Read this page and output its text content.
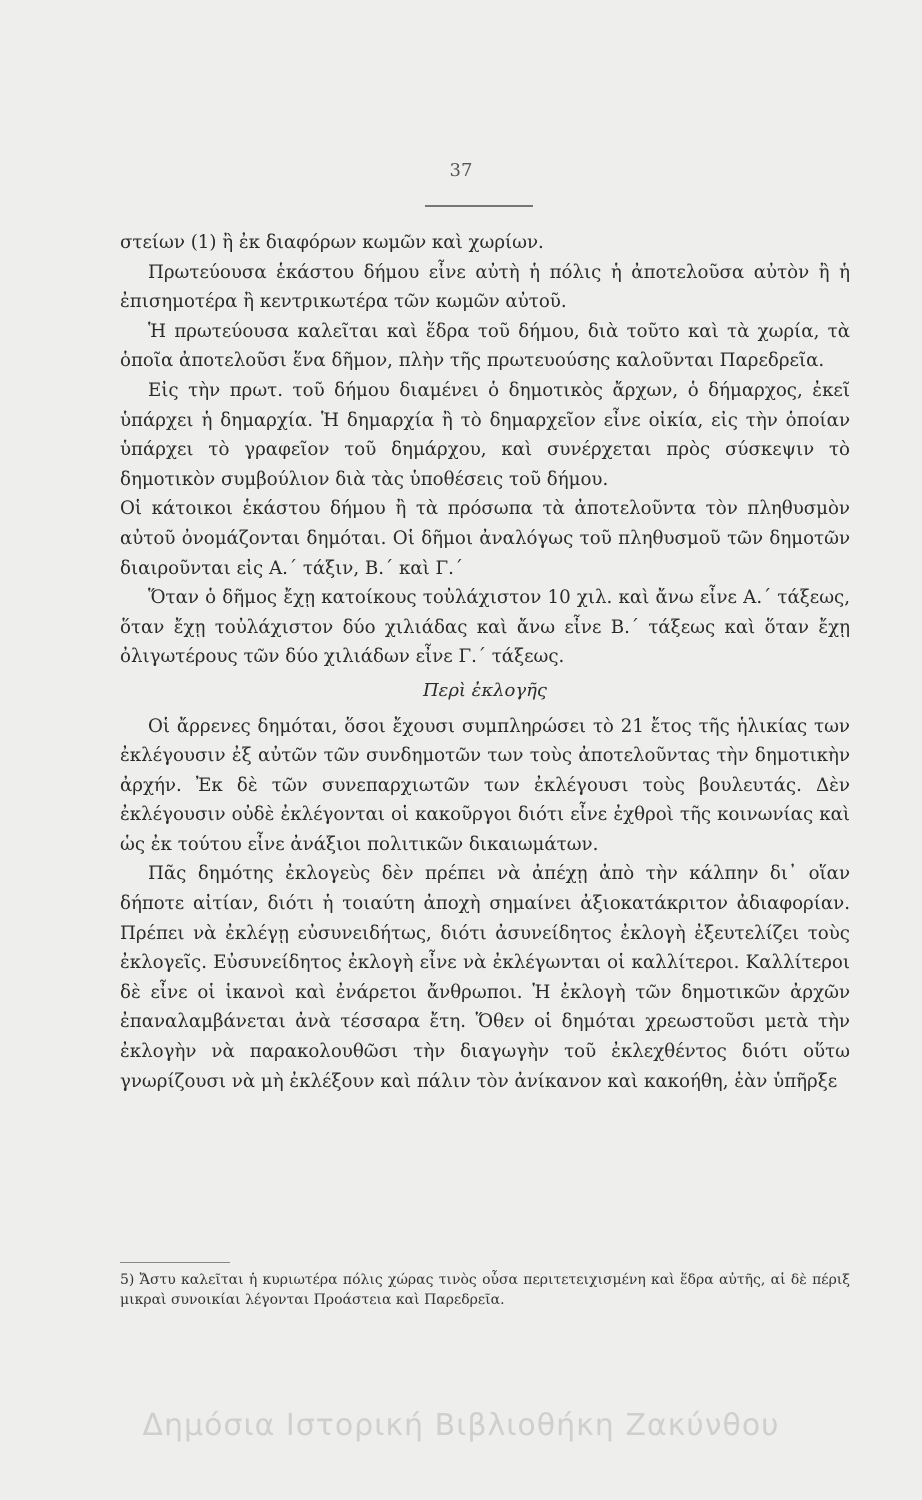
37

στείων (1) ἢ ἐκ διαφόρων κωμῶν καὶ χωρίων.

Πρωτεύουσα ἑκάστου δήμου εἶνε αὐτὴ ἡ πόλις ἡ ἀποτελοῦσα αὐτὸν ἢ ἡ ἐπισημοτέρα ἢ κεντρικωτέρα τῶν κωμῶν αὐτοῦ.

Ἡ πρωτεύουσα καλεῖται καὶ ἕδρα τοῦ δήμου, διὰ τοῦτο καὶ τὰ χωρία, τὰ ὁποῖα ἀποτελοῦσι ἕνα δῆμον, πλὴν τῆς πρωτευούσης καλοῦνται Παρεδρεῖα.

Εἰς τὴν πρωτ. τοῦ δήμου διαμένει ὁ δημοτικὸς ἄρχων, ὁ δήμαρχος, ἐκεῖ ὑπάρχει ἡ δημαρχία. Ἡ δημαρχία ἢ τὸ δημαρχεῖον εἶνε οἰκία, εἰς τὴν ὁποίαν ὑπάρχει τὸ γραφεῖον τοῦ δημάρχου, καὶ συνέρχεται πρὸς σύσκεψιν τὸ δημοτικὸν συμβούλιον διὰ τὰς ὑποθέσεις τοῦ δήμου.

Οἱ κάτοικοι ἑκάστου δήμου ἢ τὰ πρόσωπα τὰ ἀποτελοῦντα τὸν πληθυσμὸν αὐτοῦ ὀνομάζονται δημόται. Οἱ δῆμοι ἀναλόγως τοῦ πληθυσμοῦ τῶν δημοτῶν διαιροῦνται εἰς Α.΄ τάξιν, Β.΄ καὶ Γ.΄

Ὅταν ὁ δῆμος ἔχῃ κατοίκους τοὐλάχιστον 10 χιλ. καὶ ἄνω εἶνε Α.΄ τάξεως, ὅταν ἔχῃ τοὐλάχιστον δύο χιλιάδας καὶ ἄνω εἶνε Β.΄ τάξεως καὶ ὅταν ἔχῃ ὀλιγωτέρους τῶν δύο χιλιάδων εἶνε Γ.΄ τάξεως.

Περὶ ἐκλογῆς

Οἱ ἄρρενες δημόται, ὅσοι ἔχουσι συμπληρώσει τὸ 21 ἔτος τῆς ἡλικίας των ἐκλέγουσιν ἐξ αὐτῶν τῶν συνδημοτῶν των τοὺς ἀποτελοῦντας τὴν δημοτικὴν ἀρχήν. Ἐκ δὲ τῶν συνεπαρχιωτῶν των ἐκλέγουσι τοὺς βουλευτάς. Δὲν ἐκλέγουσιν οὐδὲ ἐκλέγονται οἱ κακοῦργοι διότι εἶνε ἐχθροὶ τῆς κοινωνίας καὶ ὡς ἐκ τούτου εἶνε ἀνάξιοι πολιτικῶν δικαιωμάτων.

Πᾶς δημότης ἐκλογεὺς δὲν πρέπει νὰ ἀπέχῃ ἀπὸ τὴν κάλπην δι᾽ οἵαν δήποτε αἰτίαν, διότι ἡ τοιαύτη ἀποχὴ σημαίνει ἀξιοκατάκριτον ἀδιαφορίαν. Πρέπει νὰ ἐκλέγῃ εὐσυνειδήτως, διότι ἀσυνείδητος ἐκλογὴ ἐξευτελίζει τοὺς ἐκλογεῖς. Εὐσυνείδητος ἐκλογὴ εἶνε νὰ ἐκλέγωνται οἱ καλλίτεροι. Καλλίτεροι δὲ εἶνε οἱ ἱκανοὶ καὶ ἐνάρετοι ἄνθρωποι. Ἡ ἐκλογὴ τῶν δημοτικῶν ἀρχῶν ἐπαναλαμβάνεται ἀνὰ τέσσαρα ἔτη. Ὅθεν οἱ δημόται χρεωστοῦσι μετὰ τὴν ἐκλογὴν νὰ παρακολουθῶσι τὴν διαγωγὴν τοῦ ἐκλεχθέντος διότι οὕτω γνωρίζουσι νὰ μὴ ἐκλέξουν καὶ πάλιν τὸν ἀνίκανον καὶ κακοήθη, ἐὰν ὑπῆρξε

5) Ἄστυ καλεῖται ἡ κυριωτέρα πόλις χώρας τινὸς οὖσα περιτετειχισμένη καὶ ἕδρα αὐτῆς, αἱ δὲ πέριξ μικραὶ συνοικίαι λέγονται Προάστεια καὶ Παρεδρεῖα.
Δημόσια Ιστορική Βιβλιοθήκη Ζακύνθου
